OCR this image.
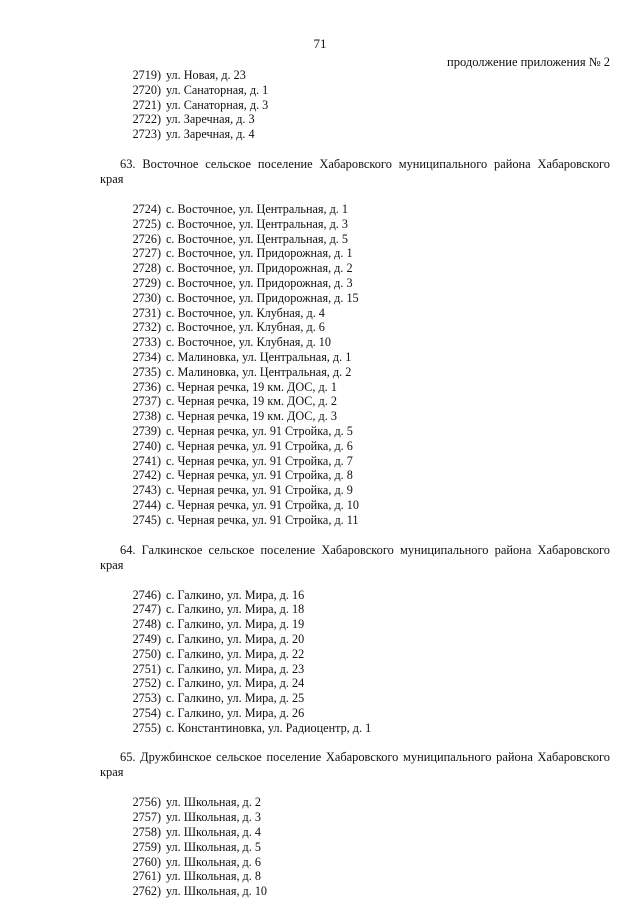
71
продолжение приложения № 2
2719) ул. Новая, д. 23
2720) ул. Санаторная, д. 1
2721) ул. Санаторная, д. 3
2722) ул. Заречная, д. 3
2723) ул. Заречная, д. 4
63. Восточное сельское поселение Хабаровского муниципального района Хабаровского края
2724) с. Восточное, ул. Центральная, д. 1
2725) с. Восточное, ул. Центральная, д. 3
2726) с. Восточное, ул. Центральная, д. 5
2727) с. Восточное, ул. Придорожная, д. 1
2728) с. Восточное, ул. Придорожная, д. 2
2729) с. Восточное, ул. Придорожная, д. 3
2730) с. Восточное, ул. Придорожная, д. 15
2731) с. Восточное, ул. Клубная, д. 4
2732) с. Восточное, ул. Клубная, д. 6
2733) с. Восточное, ул. Клубная, д. 10
2734) с. Малиновка, ул. Центральная, д. 1
2735) с. Малиновка, ул. Центральная, д. 2
2736) с. Черная речка, 19 км. ДОС, д. 1
2737) с. Черная речка, 19 км. ДОС, д. 2
2738) с. Черная речка, 19 км. ДОС, д. 3
2739) с. Черная речка, ул. 91 Стройка, д. 5
2740) с. Черная речка, ул. 91 Стройка, д. 6
2741) с. Черная речка, ул. 91 Стройка, д. 7
2742) с. Черная речка, ул. 91 Стройка, д. 8
2743) с. Черная речка, ул. 91 Стройка, д. 9
2744) с. Черная речка, ул. 91 Стройка, д. 10
2745) с. Черная речка, ул. 91 Стройка, д. 11
64. Галкинское сельское поселение Хабаровского муниципального района Хабаровского края
2746) с. Галкино, ул. Мира, д. 16
2747) с. Галкино, ул. Мира, д. 18
2748) с. Галкино, ул. Мира, д. 19
2749) с. Галкино, ул. Мира, д. 20
2750) с. Галкино, ул. Мира, д. 22
2751) с. Галкино, ул. Мира, д. 23
2752) с. Галкино, ул. Мира, д. 24
2753) с. Галкино, ул. Мира, д. 25
2754) с. Галкино, ул. Мира, д. 26
2755) с. Константиновка, ул. Радиоцентр, д. 1
65. Дружбинское сельское поселение Хабаровского муниципального района Хабаровского края
2756) ул. Школьная, д. 2
2757) ул. Школьная, д. 3
2758) ул. Школьная, д. 4
2759) ул. Школьная, д. 5
2760) ул. Школьная, д. 6
2761) ул. Школьная, д. 8
2762) ул. Школьная, д. 10
